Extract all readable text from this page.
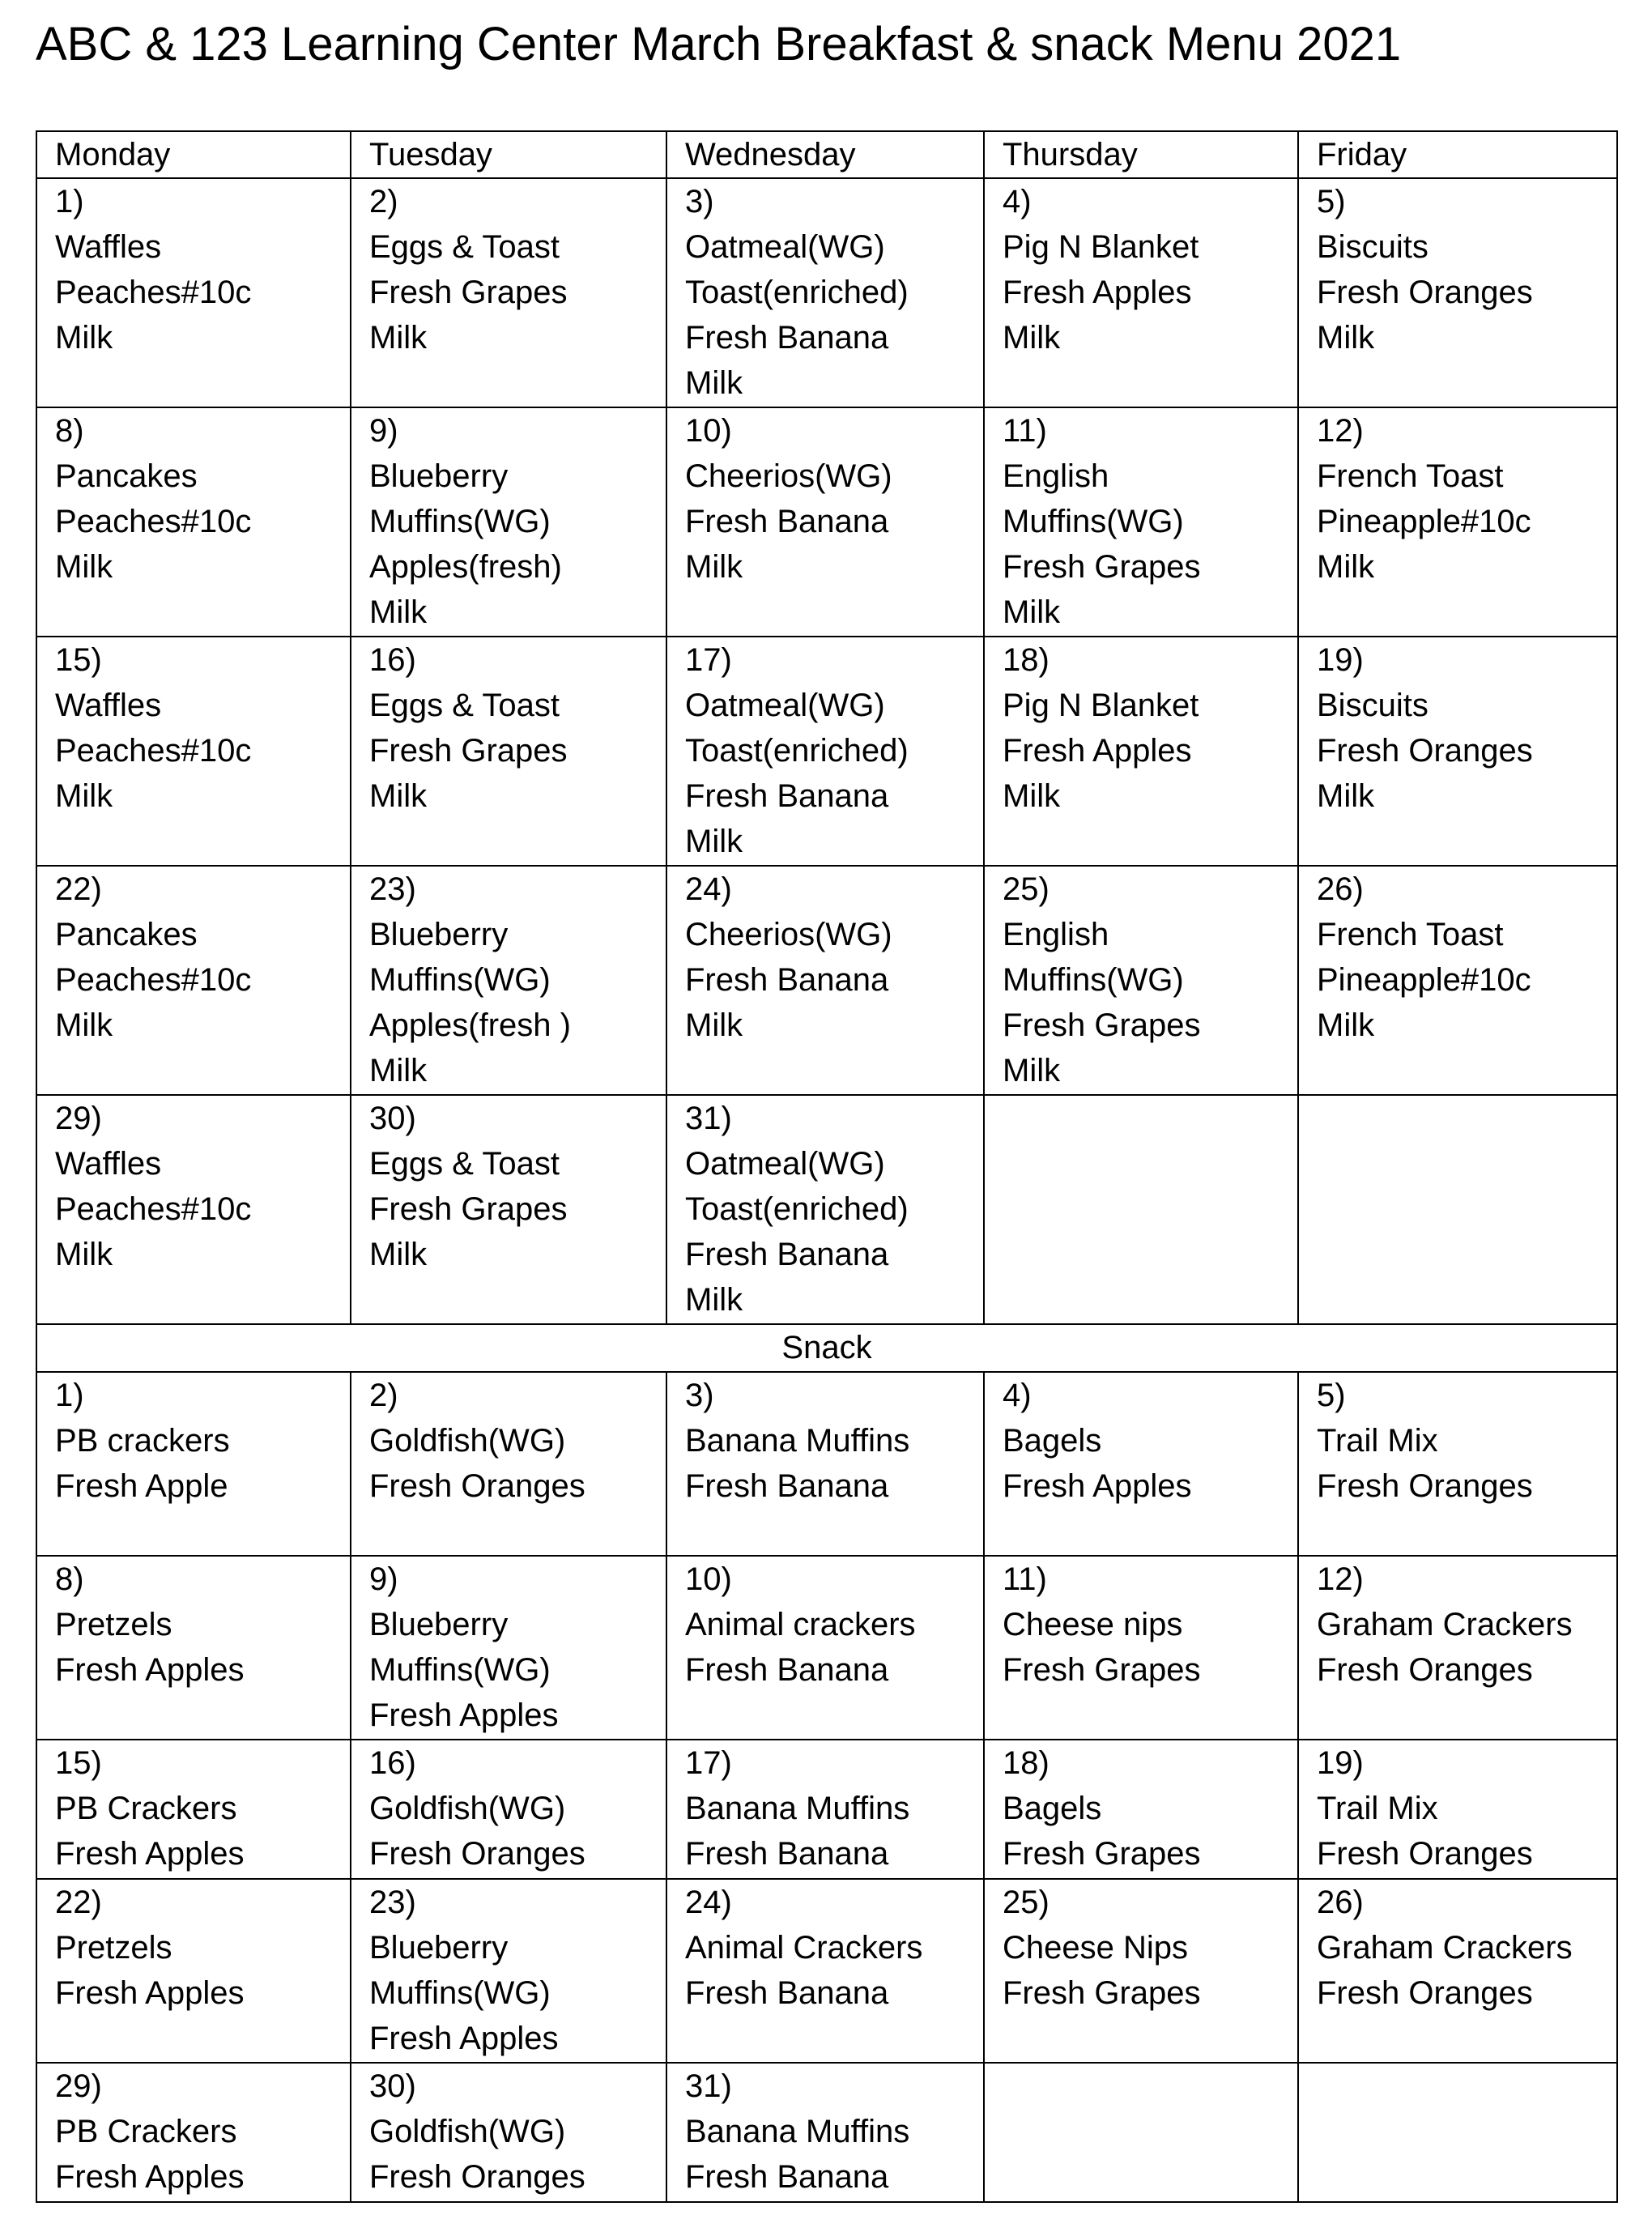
ABC & 123 Learning Center March Breakfast & snack Menu 2021
Monday	Tuesday	Wednesday	Thursday	Friday

1)
Waffles
Peaches#10c
Milk	2)
Eggs & Toast
Fresh Grapes
Milk	3)
Oatmeal(WG)
Toast(enriched)
Fresh Banana
Milk	4)
Pig N Blanket
Fresh Apples
Milk	5)
Biscuits
Fresh Oranges
Milk

8)
Pancakes
Peaches#10c
Milk	9)
Blueberry
Muffins(WG)
Apples(fresh)
Milk	10)
Cheerios(WG)
Fresh Banana
Milk	11)
English
Muffins(WG)
Fresh Grapes
Milk	12)
French Toast
Pineapple#10c
Milk

15)
Waffles
Peaches#10c
Milk	16)
Eggs & Toast
Fresh Grapes
Milk	17)
Oatmeal(WG)
Toast(enriched)
Fresh Banana
Milk	18)
Pig N Blanket
Fresh Apples
Milk	19)
Biscuits
Fresh Oranges
Milk

22)
Pancakes
Peaches#10c
Milk	23)
Blueberry
Muffins(WG)
Apples(fresh )
Milk	24)
Cheerios(WG)
Fresh Banana
Milk	25)
English
Muffins(WG)
Fresh Grapes
Milk	26)
French Toast
Pineapple#10c
Milk

29)
Waffles
Peaches#10c
Milk	30)
Eggs & Toast
Fresh Grapes
Milk	31)
Oatmeal(WG)
Toast(enriched)
Fresh Banana
Milk		

Snack				

1)
PB crackers
Fresh Apple	2)
Goldfish(WG)
Fresh Oranges	3)
Banana Muffins
Fresh Banana	4)
Bagels
Fresh Apples	5)
Trail Mix
Fresh Oranges

8)
Pretzels
Fresh Apples	9)
Blueberry
Muffins(WG)
Fresh Apples	10)
Animal crackers
Fresh Banana	11)
Cheese nips
Fresh Grapes	12)
Graham Crackers
Fresh Oranges

15)
PB Crackers
Fresh Apples	16)
Goldfish(WG)
Fresh Oranges	17)
Banana Muffins
Fresh Banana	18)
Bagels
Fresh Grapes	19)
Trail Mix
Fresh Oranges

22)
Pretzels
Fresh Apples	23)
Blueberry
Muffins(WG)
Fresh Apples	24)
Animal Crackers
Fresh Banana	25)
Cheese Nips
Fresh Grapes	26)
Graham Crackers
Fresh Oranges

29)
PB Crackers
Fresh Apples	30)
Goldfish(WG)
Fresh Oranges	31)
Banana Muffins
Fresh Banana		
